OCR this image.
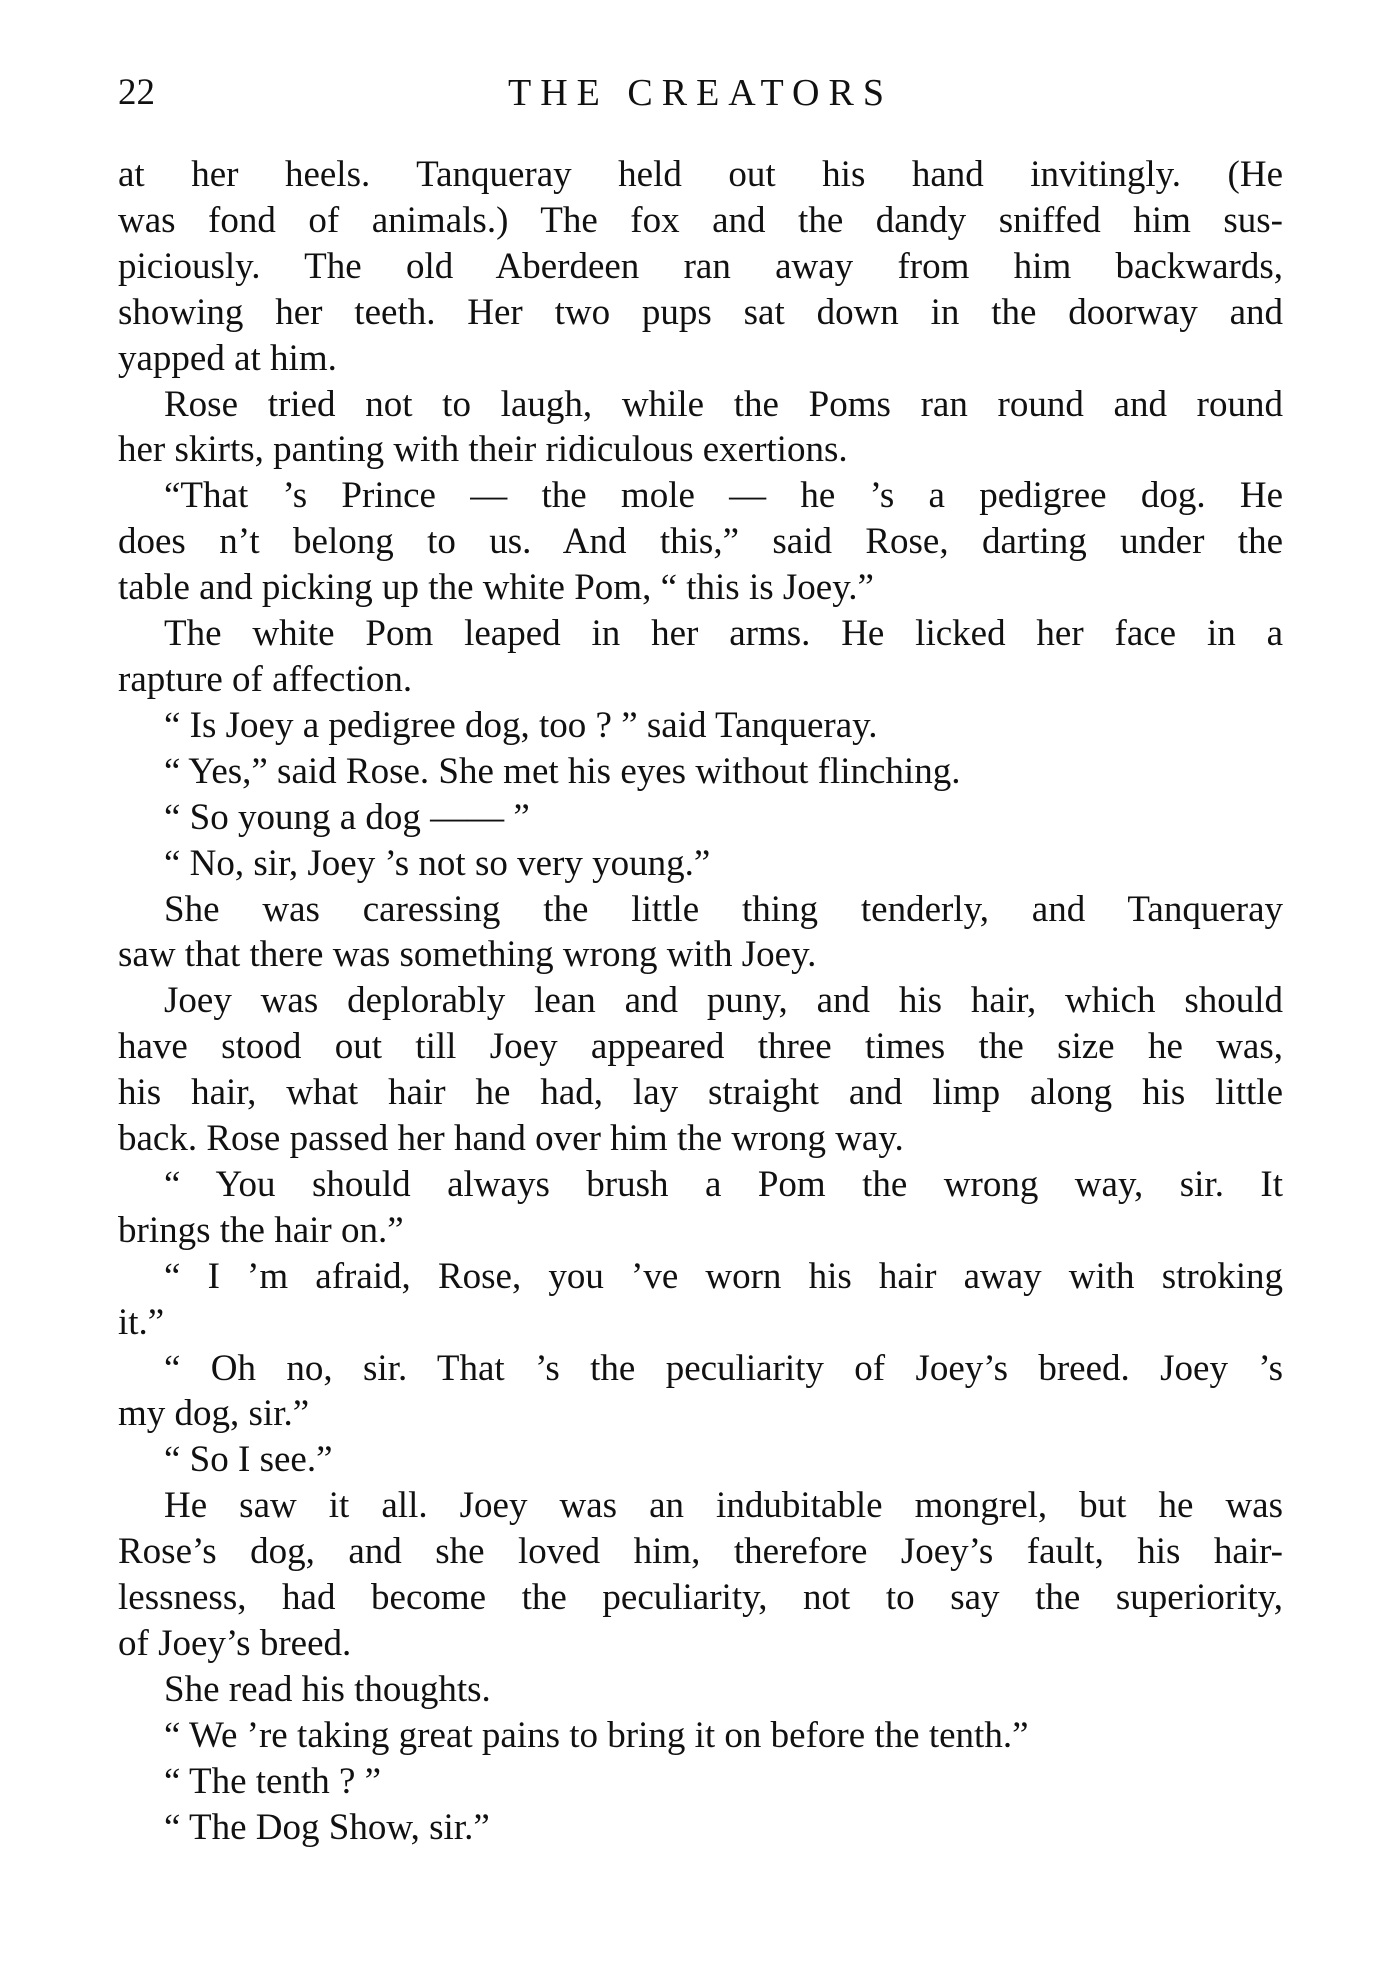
22	THE CREATORS
at her heels. Tanqueray held out his hand invitingly. (He
was fond of animals.) The fox and the dandy sniffed him sus-
piciously. The old Aberdeen ran away from him backwards,
showing her teeth. Her two pups sat down in the doorway and
yapped at him.
Rose tried not to laugh, while the Poms ran round and round
her skirts, panting with their ridiculous exertions.
“That ’s Prince — the mole — he ’s a pedigree dog. He
does n’t belong to us. And this,” said Rose, darting under the
table and picking up the white Pom, “ this is Joey.”
The white Pom leaped in her arms. He licked her face in a
rapture of affection.
“ Is Joey a pedigree dog, too ? ” said Tanqueray.
“ Yes,” said Rose. She met his eyes without flinching.
“ So young a dog —— ”
“ No, sir, Joey ’s not so very young.”
She was caressing the little thing tenderly, and Tanqueray
saw that there was something wrong with Joey.
Joey was deplorably lean and puny, and his hair, which should
have stood out till Joey appeared three times the size he was,
his hair, what hair he had, lay straight and limp along his little
back. Rose passed her hand over him the wrong way.
“ You should always brush a Pom the wrong way, sir. It
brings the hair on.”
“ I ’m afraid, Rose, you ’ve worn his hair away with stroking
it.”
“ Oh no, sir. That ’s the peculiarity of Joey’s breed. Joey ’s
my dog, sir.”
“ So I see.”
He saw it all. Joey was an indubitable mongrel, but he was
Rose’s dog, and she loved him, therefore Joey’s fault, his hair-
lessness, had become the peculiarity, not to say the superiority,
of Joey’s breed.
She read his thoughts.
“ We ’re taking great pains to bring it on before the tenth.”
“ The tenth ? ”
“ The Dog Show, sir.”
